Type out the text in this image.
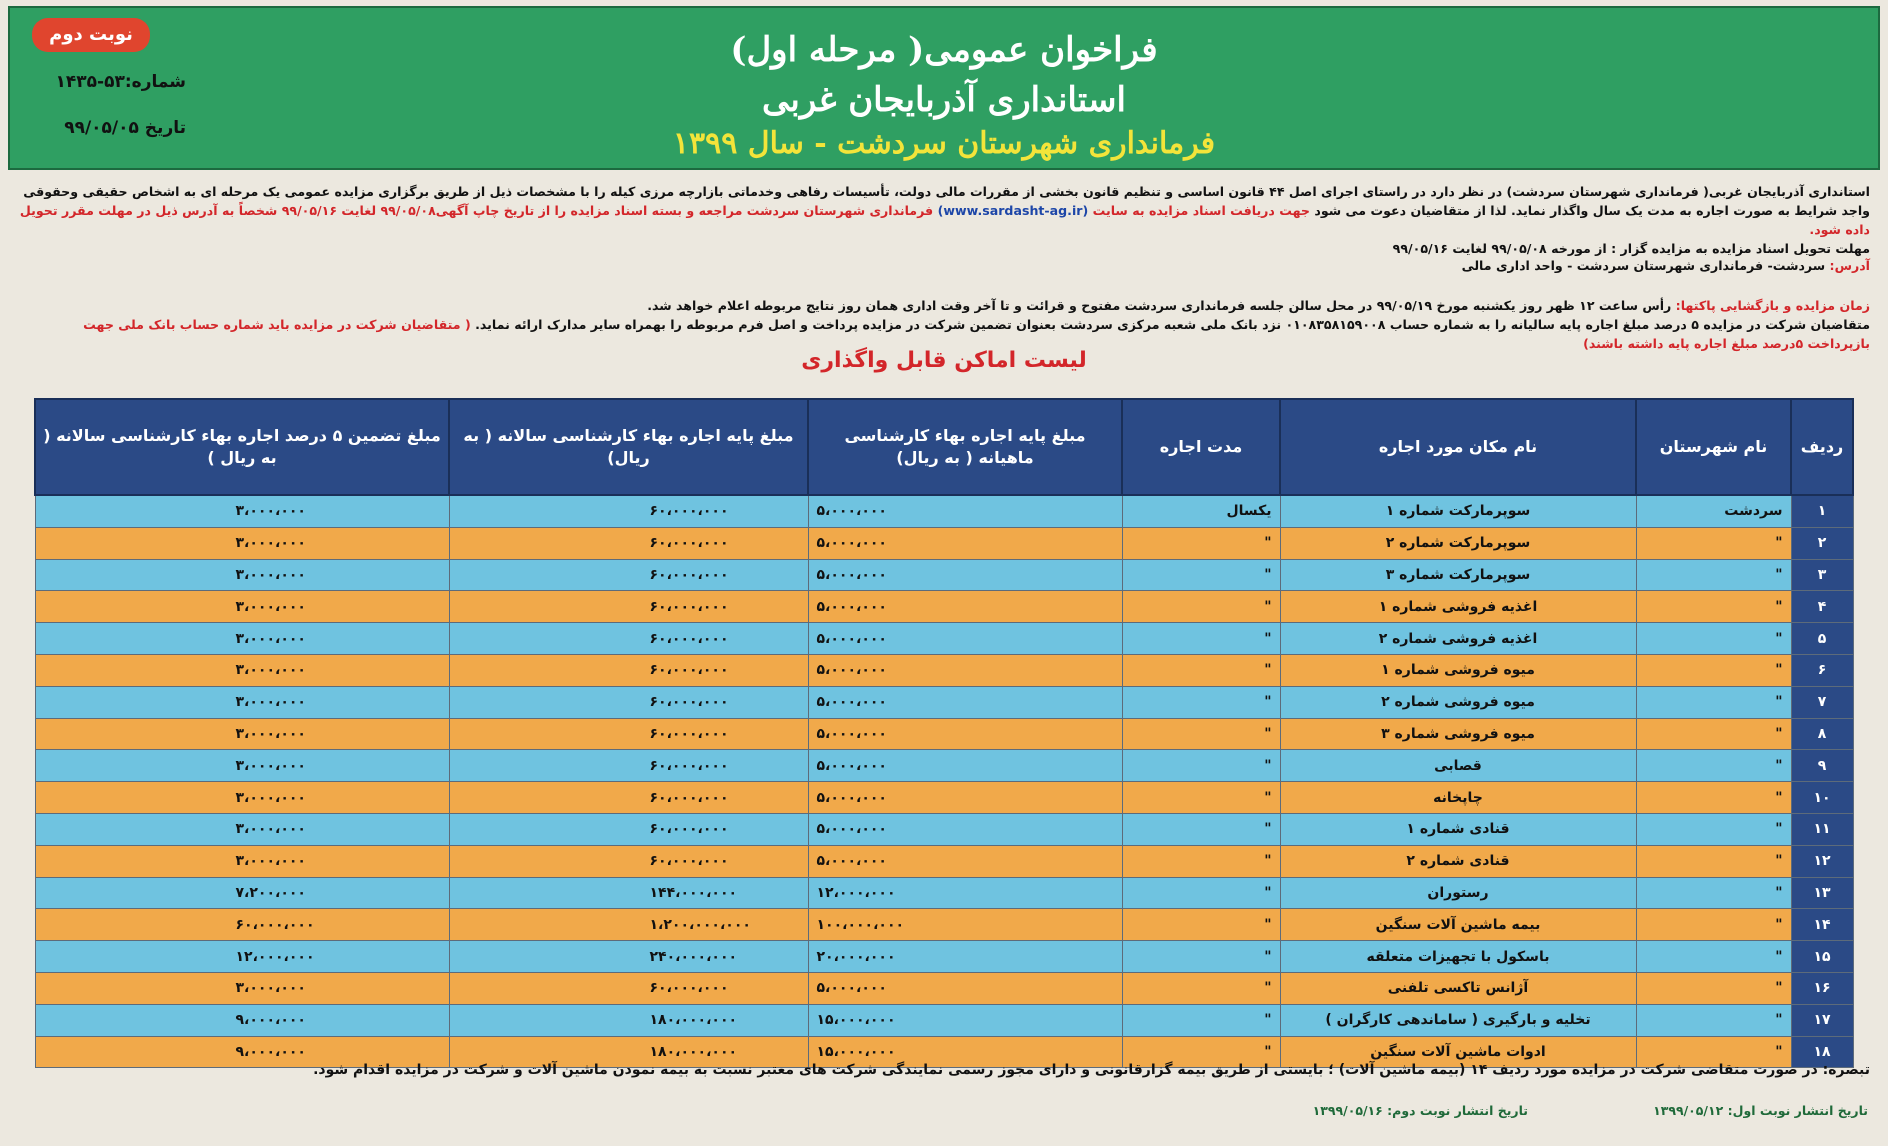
فراخوان عمومی( مرحله اول)
استانداری آذربایجان غربی
فرمانداری شهرستان سردشت - سال ۱۳۹۹
نوبت دوم
شماره:۵۳-۱۴۳۵
تاریخ ۹۹/۰۵/۰۵
استانداری آذربایجان غربی( فرمانداری شهرستان سردشت) در نظر دارد در راستای اجرای اصل ۴۴ قانون اساسی و تنظیم قانون بخشی از مقررات مالی دولت، تأسیسات رفاهی وخدماتی بازارچه مرزی کیله را با مشخصات ذیل از طریق برگزاری مزایده عمومی یک مرحله ای به اشخاص حقیقی وحقوقی واجد شرایط به صورت اجاره به مدت یک سال واگذار نماید. لذا از متقاضیان دعوت می شود جهت دریافت اسناد مزایده به سایت (www.sardasht-ag.ir) فرمانداری شهرستان سردشت مراجعه و بسته اسناد مزایده را از تاریخ چاپ آگهی۹۹/۰۵/۰۸ لغایت ۹۹/۰۵/۱۶ شخصاً به آدرس ذیل در مهلت مقرر تحویل داده شود.
مهلت تحویل اسناد مزایده به مزایده گزار : از مورخه ۹۹/۰۵/۰۸ لغایت ۹۹/۰۵/۱۶
آدرس: سردشت- فرمانداری شهرستان سردشت - واحد اداری مالی
زمان مزایده و بازگشایی پاکتها: رأس ساعت ۱۲ ظهر روز یکشنبه مورخ ۹۹/۰۵/۱۹ در محل سالن جلسه فرمانداری سردشت مفتوح و قرائت و تا آخر وقت اداری همان روز نتایج مربوطه اعلام خواهد شد.
متقاضیان شرکت در مزایده ۵ درصد مبلغ اجاره پایه سالیانه را به شماره حساب ۰۱۰۸۳۵۸۱۵۹۰۰۸ نزد بانک ملی شعبه مرکزی سردشت بعنوان تضمین شرکت در مزایده پرداخت و اصل فرم مربوطه را بهمراه سایر مدارک ارائه نماید. ( متقاضیان شرکت در مزایده باید شماره حساب بانک ملی جهت بازپرداخت ۵درصد مبلغ اجاره پایه داشته باشند)
لیست اماکن قابل واگذاری
ردیف	نام شهرستان	نام مکان مورد اجاره	مدت اجاره	مبلغ پایه اجاره بهاء کارشناسی ماهیانه ( به ریال)	مبلغ پایه اجاره بهاء کارشناسی سالانه ( به ریال)	مبلغ تضمین ۵ درصد اجاره بهاء کارشناسی سالانه ( به ریال )
۱	سردشت	سوپرمارکت شماره ۱	یکسال	۵،۰۰۰،۰۰۰	۶۰،۰۰۰،۰۰۰	۳،۰۰۰،۰۰۰
۲	"	سوپرمارکت شماره ۲	"	۵،۰۰۰،۰۰۰	۶۰،۰۰۰،۰۰۰	۳،۰۰۰،۰۰۰
۳	"	سوپرمارکت شماره ۳	"	۵،۰۰۰،۰۰۰	۶۰،۰۰۰،۰۰۰	۳،۰۰۰،۰۰۰
۴	"	اغذیه فروشی شماره ۱	"	۵،۰۰۰،۰۰۰	۶۰،۰۰۰،۰۰۰	۳،۰۰۰،۰۰۰
۵	"	اغذیه فروشی شماره ۲	"	۵،۰۰۰،۰۰۰	۶۰،۰۰۰،۰۰۰	۳،۰۰۰،۰۰۰
۶	"	میوه فروشی شماره ۱	"	۵،۰۰۰،۰۰۰	۶۰،۰۰۰،۰۰۰	۳،۰۰۰،۰۰۰
۷	"	میوه فروشی شماره ۲	"	۵،۰۰۰،۰۰۰	۶۰،۰۰۰،۰۰۰	۳،۰۰۰،۰۰۰
۸	"	میوه فروشی شماره ۳	"	۵،۰۰۰،۰۰۰	۶۰،۰۰۰،۰۰۰	۳،۰۰۰،۰۰۰
۹	"	قصابی	"	۵،۰۰۰،۰۰۰	۶۰،۰۰۰،۰۰۰	۳،۰۰۰،۰۰۰
۱۰	"	چاپخانه	"	۵،۰۰۰،۰۰۰	۶۰،۰۰۰،۰۰۰	۳،۰۰۰،۰۰۰
۱۱	"	قنادی شماره ۱	"	۵،۰۰۰،۰۰۰	۶۰،۰۰۰،۰۰۰	۳،۰۰۰،۰۰۰
۱۲	"	قنادی شماره ۲	"	۵،۰۰۰،۰۰۰	۶۰،۰۰۰،۰۰۰	۳،۰۰۰،۰۰۰
۱۳	"	رستوران	"	۱۲،۰۰۰،۰۰۰	۱۴۴،۰۰۰،۰۰۰	۷،۲۰۰،۰۰۰
۱۴	"	بیمه ماشین آلات سنگین	"	۱۰۰،۰۰۰،۰۰۰	۱،۲۰۰،۰۰۰،۰۰۰	۶۰،۰۰۰،۰۰۰
۱۵	"	باسکول با تجهیزات متعلقه	"	۲۰،۰۰۰،۰۰۰	۲۴۰،۰۰۰،۰۰۰	۱۲،۰۰۰،۰۰۰
۱۶	"	آژانس تاکسی تلفنی	"	۵،۰۰۰،۰۰۰	۶۰،۰۰۰،۰۰۰	۳،۰۰۰،۰۰۰
۱۷	"	تخلیه و بارگیری ( ساماندهی کارگران )	"	۱۵،۰۰۰،۰۰۰	۱۸۰،۰۰۰،۰۰۰	۹،۰۰۰،۰۰۰
۱۸	"	ادوات ماشین آلات سنگین	"	۱۵،۰۰۰،۰۰۰	۱۸۰،۰۰۰،۰۰۰	۹،۰۰۰،۰۰۰
تبصره: در صورت متقاضی شرکت در مزایده مورد ردیف ۱۴ (بیمه ماشین آلات) ؛ بایستی از طریق بیمه گزارقانونی و دارای مجوز رسمی نمایندگی شرکت های معتبر نسبت به بیمه نمودن ماشین آلات و شرکت در مزایده اقدام شود.
تاریخ انتشار نوبت اول: ۱۳۹۹/۰۵/۱۲
تاریخ انتشار نوبت دوم: ۱۳۹۹/۰۵/۱۶
